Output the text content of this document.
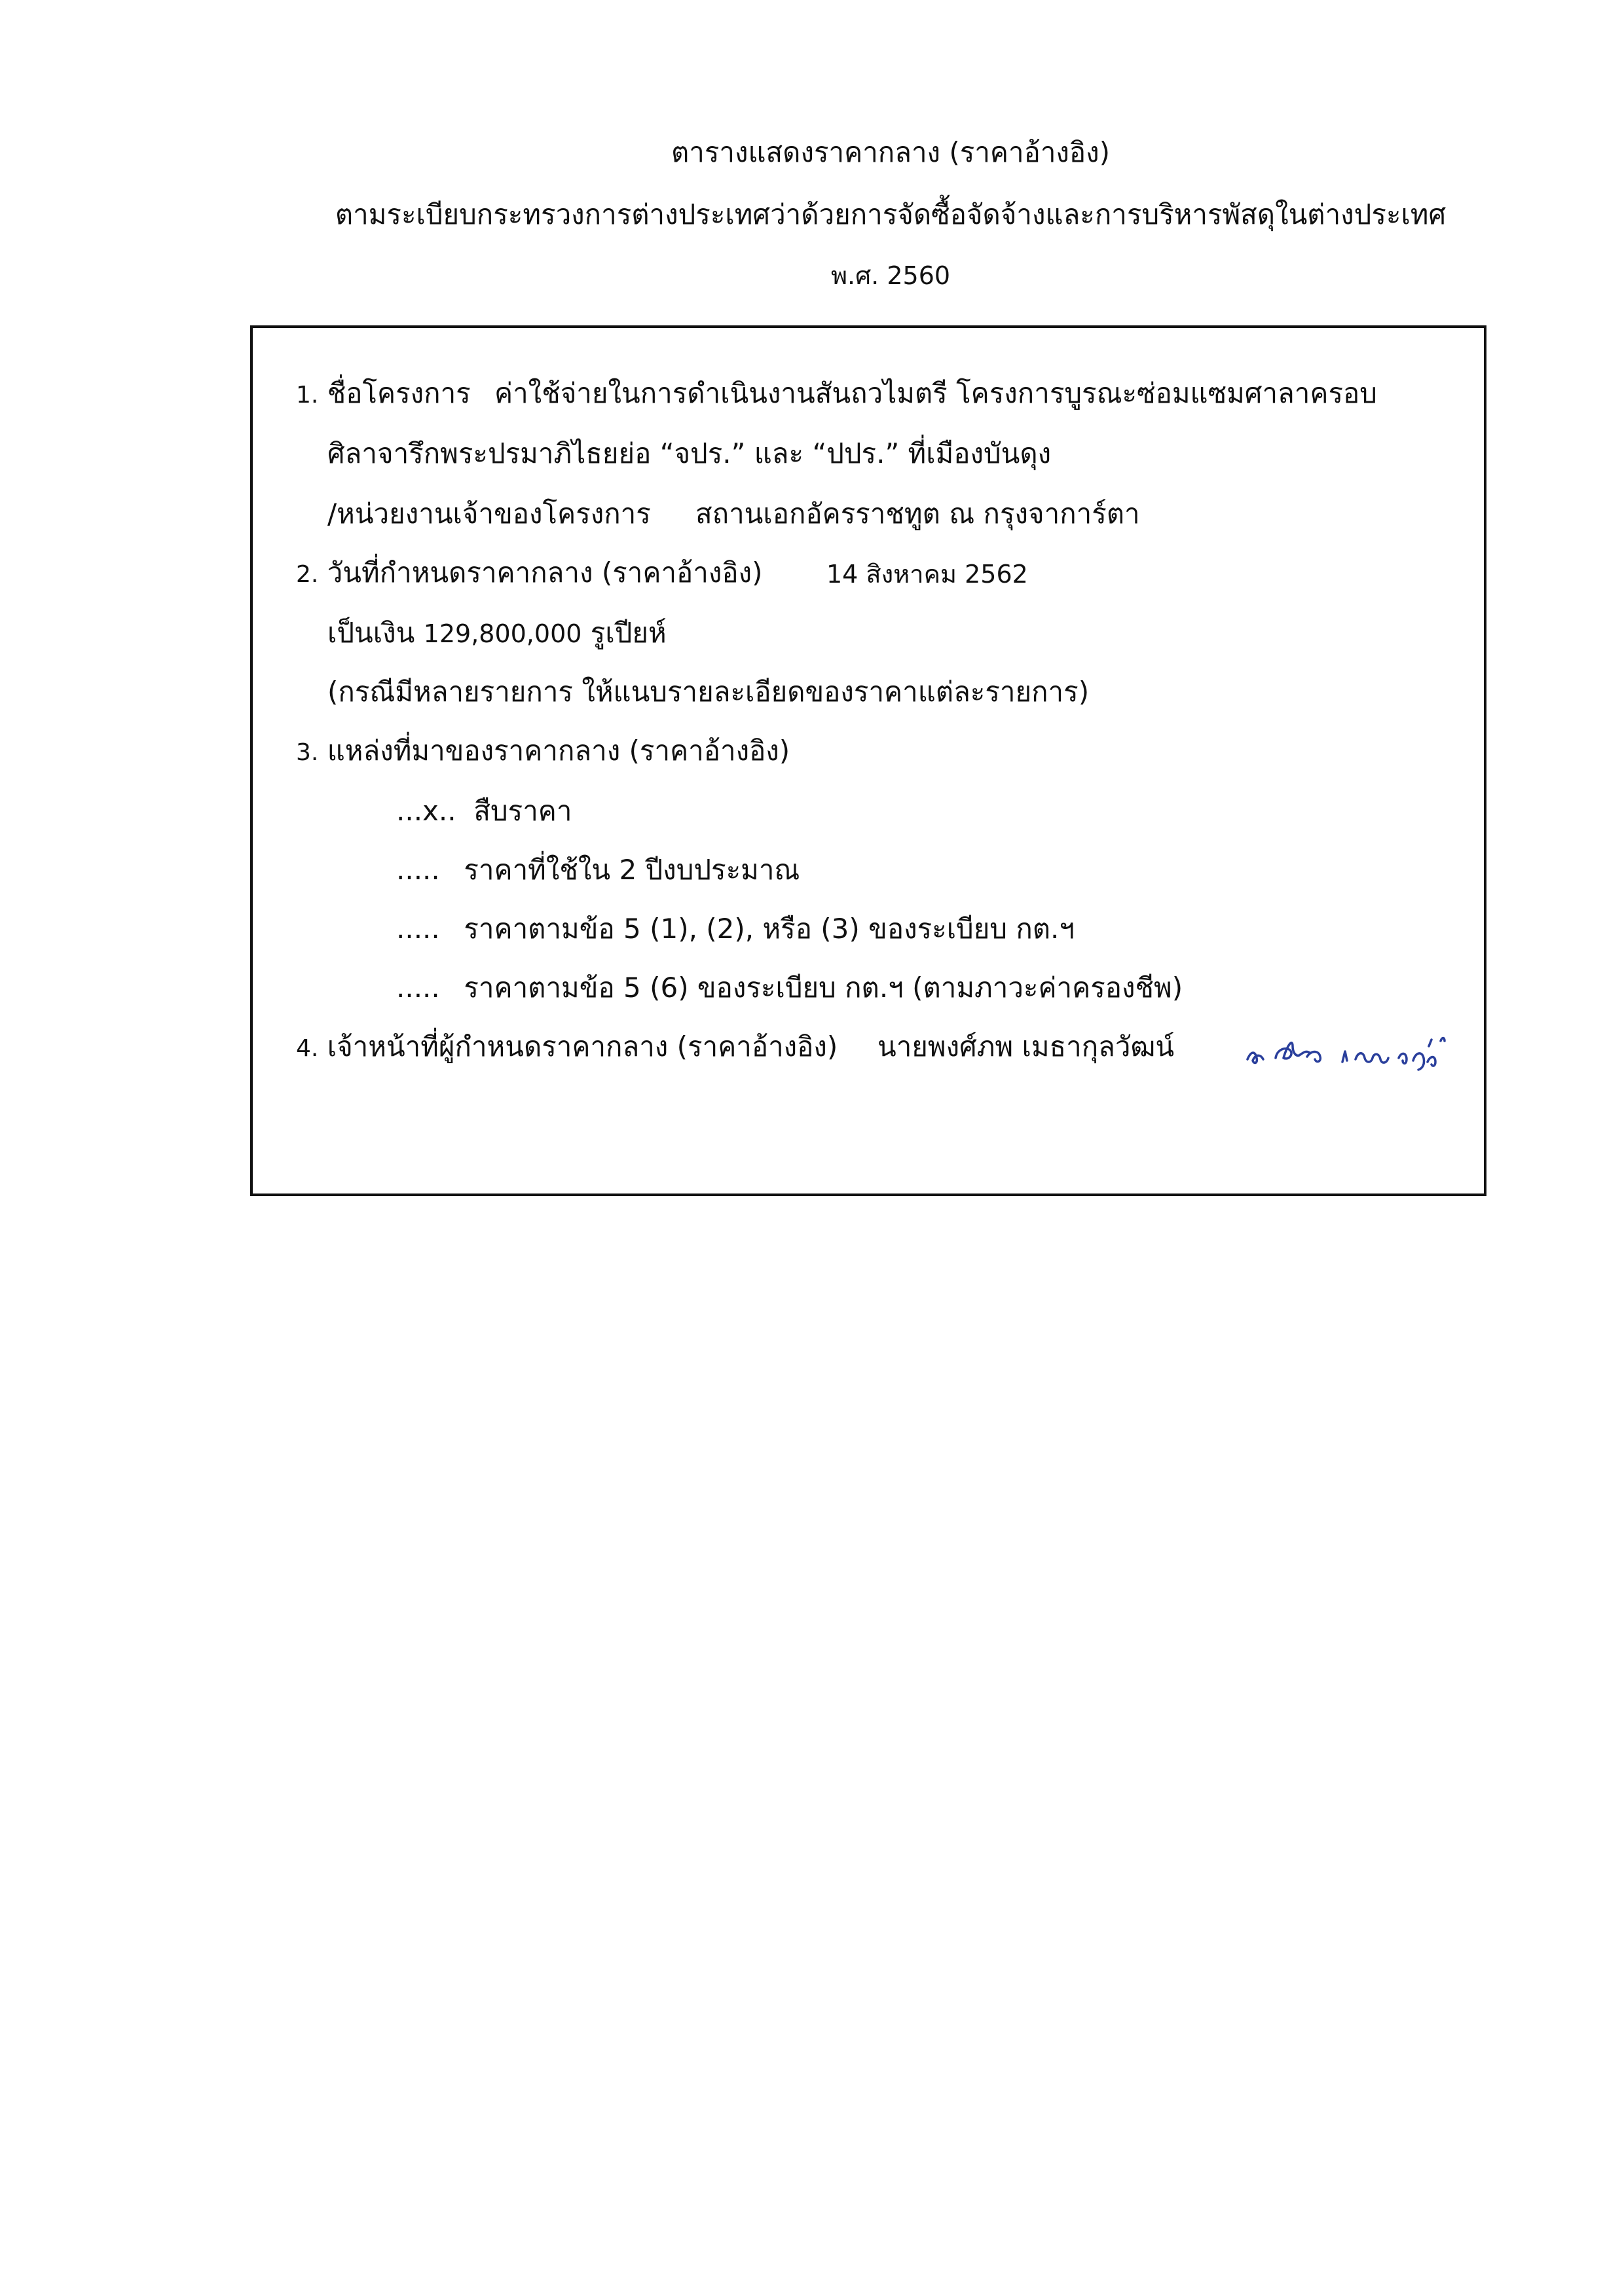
ตารางแสดงราคากลาง (ราคาอ้างอิง)
ตามระเบียบกระทรวงการต่างประเทศว่าด้วยการจัดซื้อจัดจ้างและการบริหารพัสดุในต่างประเทศ
พ.ศ. 2560
1. ชื่อโครงการ ค่าใช้จ่ายในการดำเนินงานสันถวไมตรี โครงการบูรณะซ่อมแซมศาลาครอบ
ศิลาจารึกพระปรมาภิไธยย่อ “จปร.” และ “ปปร.” ที่เมืองบันดุง
/หน่วยงานเจ้าของโครงการ สถานเอกอัครราชทูต ณ กรุงจาการ์ตา
2. วันที่กำหนดราคากลาง (ราคาอ้างอิง)	14 สิงหาคม 2562
เป็นเงิน 129,800,000 รูเปียห์
(กรณีมีหลายรายการ ให้แนบรายละเอียดของราคาแต่ละรายการ)
3. แหล่งที่มาของราคากลาง (ราคาอ้างอิง)
...x.. สืบราคา
..... ราคาที่ใช้ใน 2 ปีงบประมาณ
..... ราคาตามข้อ 5 (1), (2), หรือ (3) ของระเบียบ กต.ฯ
..... ราคาตามข้อ 5 (6) ของระเบียบ กต.ฯ (ตามภาวะค่าครองชีพ)
4. เจ้าหน้าที่ผู้กำหนดราคากลาง (ราคาอ้างอิง) นายพงศ์ภพ เมธากุลวัฒน์
